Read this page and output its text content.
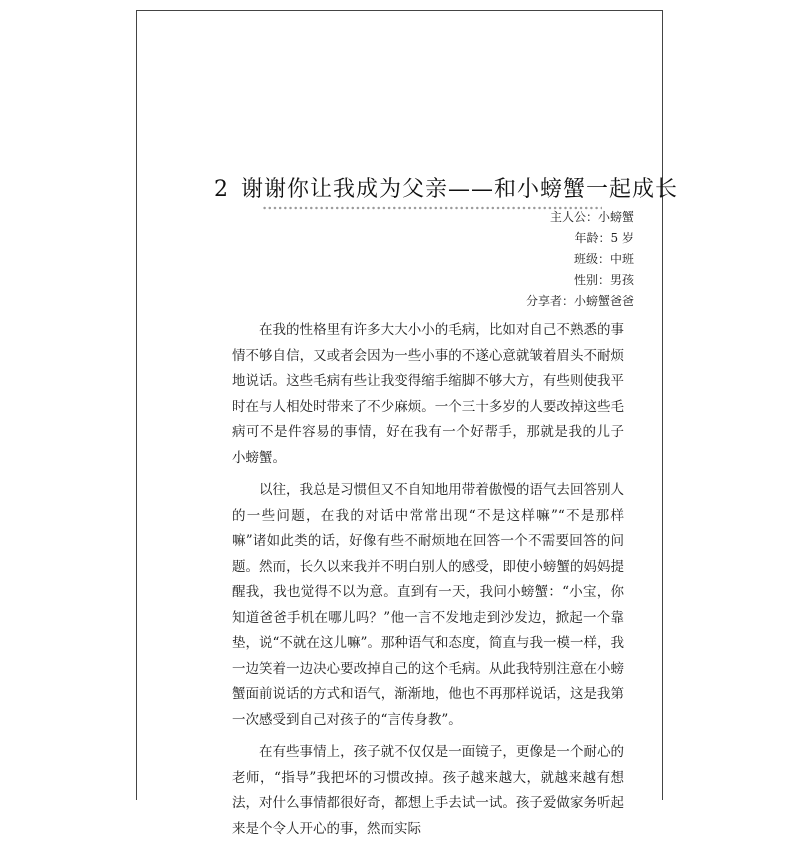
2 谢谢你让我成为父亲——和小螃蟹一起成长
主人公：小螃蟹
年龄：5 岁
班级：中班
性别：男孩
分享者：小螃蟹爸爸

在我的性格里有许多大大小小的毛病，比如对自己不熟悉的事情不够自信，又或者会因为一些小事的不遂心意就皱着眉头不耐烦地说话。这些毛病有些让我变得缩手缩脚不够大方，有些则使我平时在与人相处时带来了不少麻烦。一个三十多岁的人要改掉这些毛病可不是件容易的事情，好在我有一个好帮手，那就是我的儿子　　小螃蟹。

以往，我总是习惯但又不自知地用带着傲慢的语气去回答别人的一些问题，在我的对话中常常出现“不是这样嘛”“不是那样嘛”诸如此类的话，好像有些不耐烦地在回答一个不需要回答的问题。然而，长久以来我并不明白别人的感受，即使小螃蟹的妈妈提醒我，我也觉得不以为意。直到有一天，我问小螃蟹：“小宝，你知道爸爸手机在哪儿吗？”他一言不发地走到沙发边，掀起一个靠垫，说“不就在这儿嘛”。那种语气和态度，简直与我一模一样，我一边笑着一边决心要改掉自己的这个毛病。从此我特别注意在小螃蟹面前说话的方式和语气，渐渐地，他也不再那样说话，这是我第一次感受到自己对孩子的“言传身教”。

在有些事情上，孩子就不仅仅是一面镜子，更像是一个耐心的老师，“指导”我把坏的习惯改掉。孩子越来越大，就越来越有想法，对什么事情都很好奇，都想上手去试一试。孩子爱做家务听起来是个令人开心的事，然而实际
